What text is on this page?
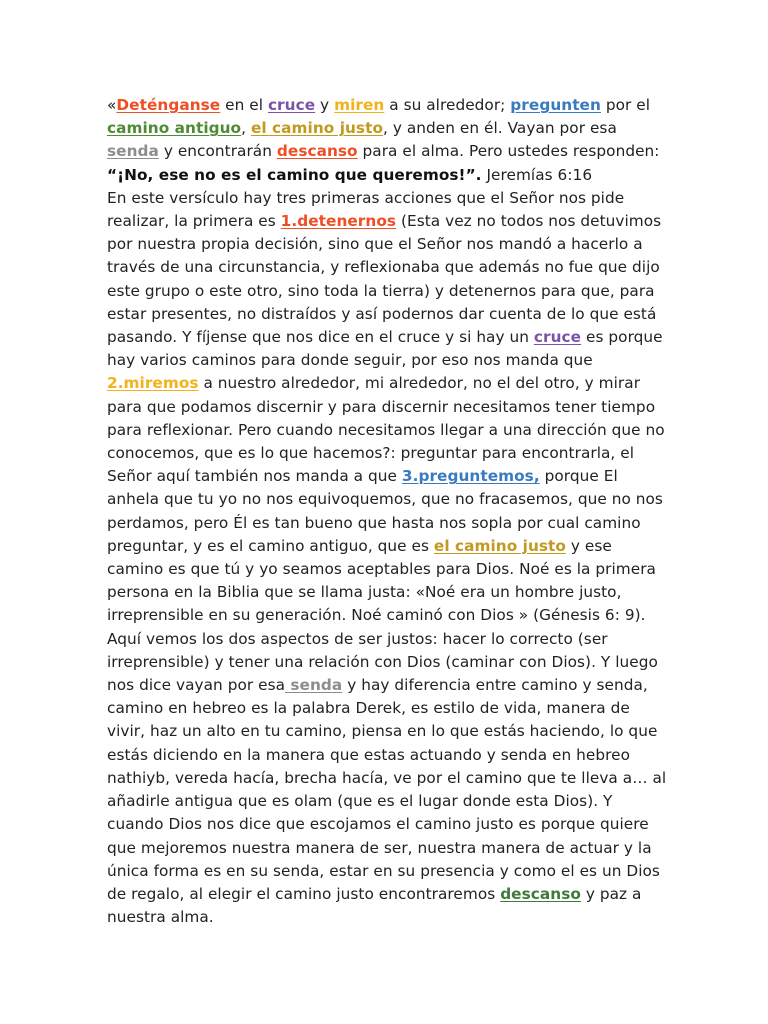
«Deténganse en el cruce y miren a su alrededor; pregunten por el
camino antiguo, el camino justo, y anden en él. Vayan por esa
senda y encontrarán descanso para el alma. Pero ustedes responden:
“¡No, ese no es el camino que queremos!”. Jeremías 6:16
En este versículo hay tres primeras acciones que el Señor nos pide
realizar, la primera es 1.detenernos (Esta vez no todos nos detuvimos
por nuestra propia decisión, sino que el Señor nos mandó a hacerlo a
través de una circunstancia, y reflexionaba que además no fue que dijo
este grupo o este otro, sino toda la tierra) y detenernos para que, para
estar presentes, no distraídos y así podernos dar cuenta de lo que está
pasando. Y fíjense que nos dice en el cruce y si hay un cruce es porque
hay varios caminos para donde seguir, por eso nos manda que
2.miremos a nuestro alrededor, mi alrededor, no el del otro, y mirar
para que podamos discernir y para discernir necesitamos tener tiempo
para reflexionar. Pero cuando necesitamos llegar a una dirección que no
conocemos, que es lo que hacemos?: preguntar para encontrarla, el
Señor aquí también nos manda a que 3.preguntemos, porque El
anhela que tu yo no nos equivoquemos, que no fracasemos, que no nos
perdamos, pero Él es tan bueno que hasta nos sopla por cual camino
preguntar, y es el camino antiguo, que es el camino justo y ese
camino es que tú y yo seamos aceptables para Dios. Noé es la primera
persona en la Biblia que se llama justa: «Noé era un hombre justo,
irreprensible en su generación. Noé caminó con Dios » (Génesis 6: 9).
Aquí vemos los dos aspectos de ser justos: hacer lo correcto (ser
irreprensible) y tener una relación con Dios (caminar con Dios). Y luego
nos dice vayan por esa senda y hay diferencia entre camino y senda,
camino en hebreo es la palabra Derek, es estilo de vida, manera de
vivir, haz un alto en tu camino, piensa en lo que estás haciendo, lo que
estás diciendo en la manera que estas actuando y senda en hebreo
nathiyb, vereda hacía, brecha hacía, ve por el camino que te lleva a… al
añadirle antigua que es olam (que es el lugar donde esta Dios). Y
cuando Dios nos dice que escojamos el camino justo es porque quiere
que mejoremos nuestra manera de ser, nuestra manera de actuar y la
única forma es en su senda, estar en su presencia y como el es un Dios
de regalo, al elegir el camino justo encontraremos descanso y paz a
nuestra alma.
